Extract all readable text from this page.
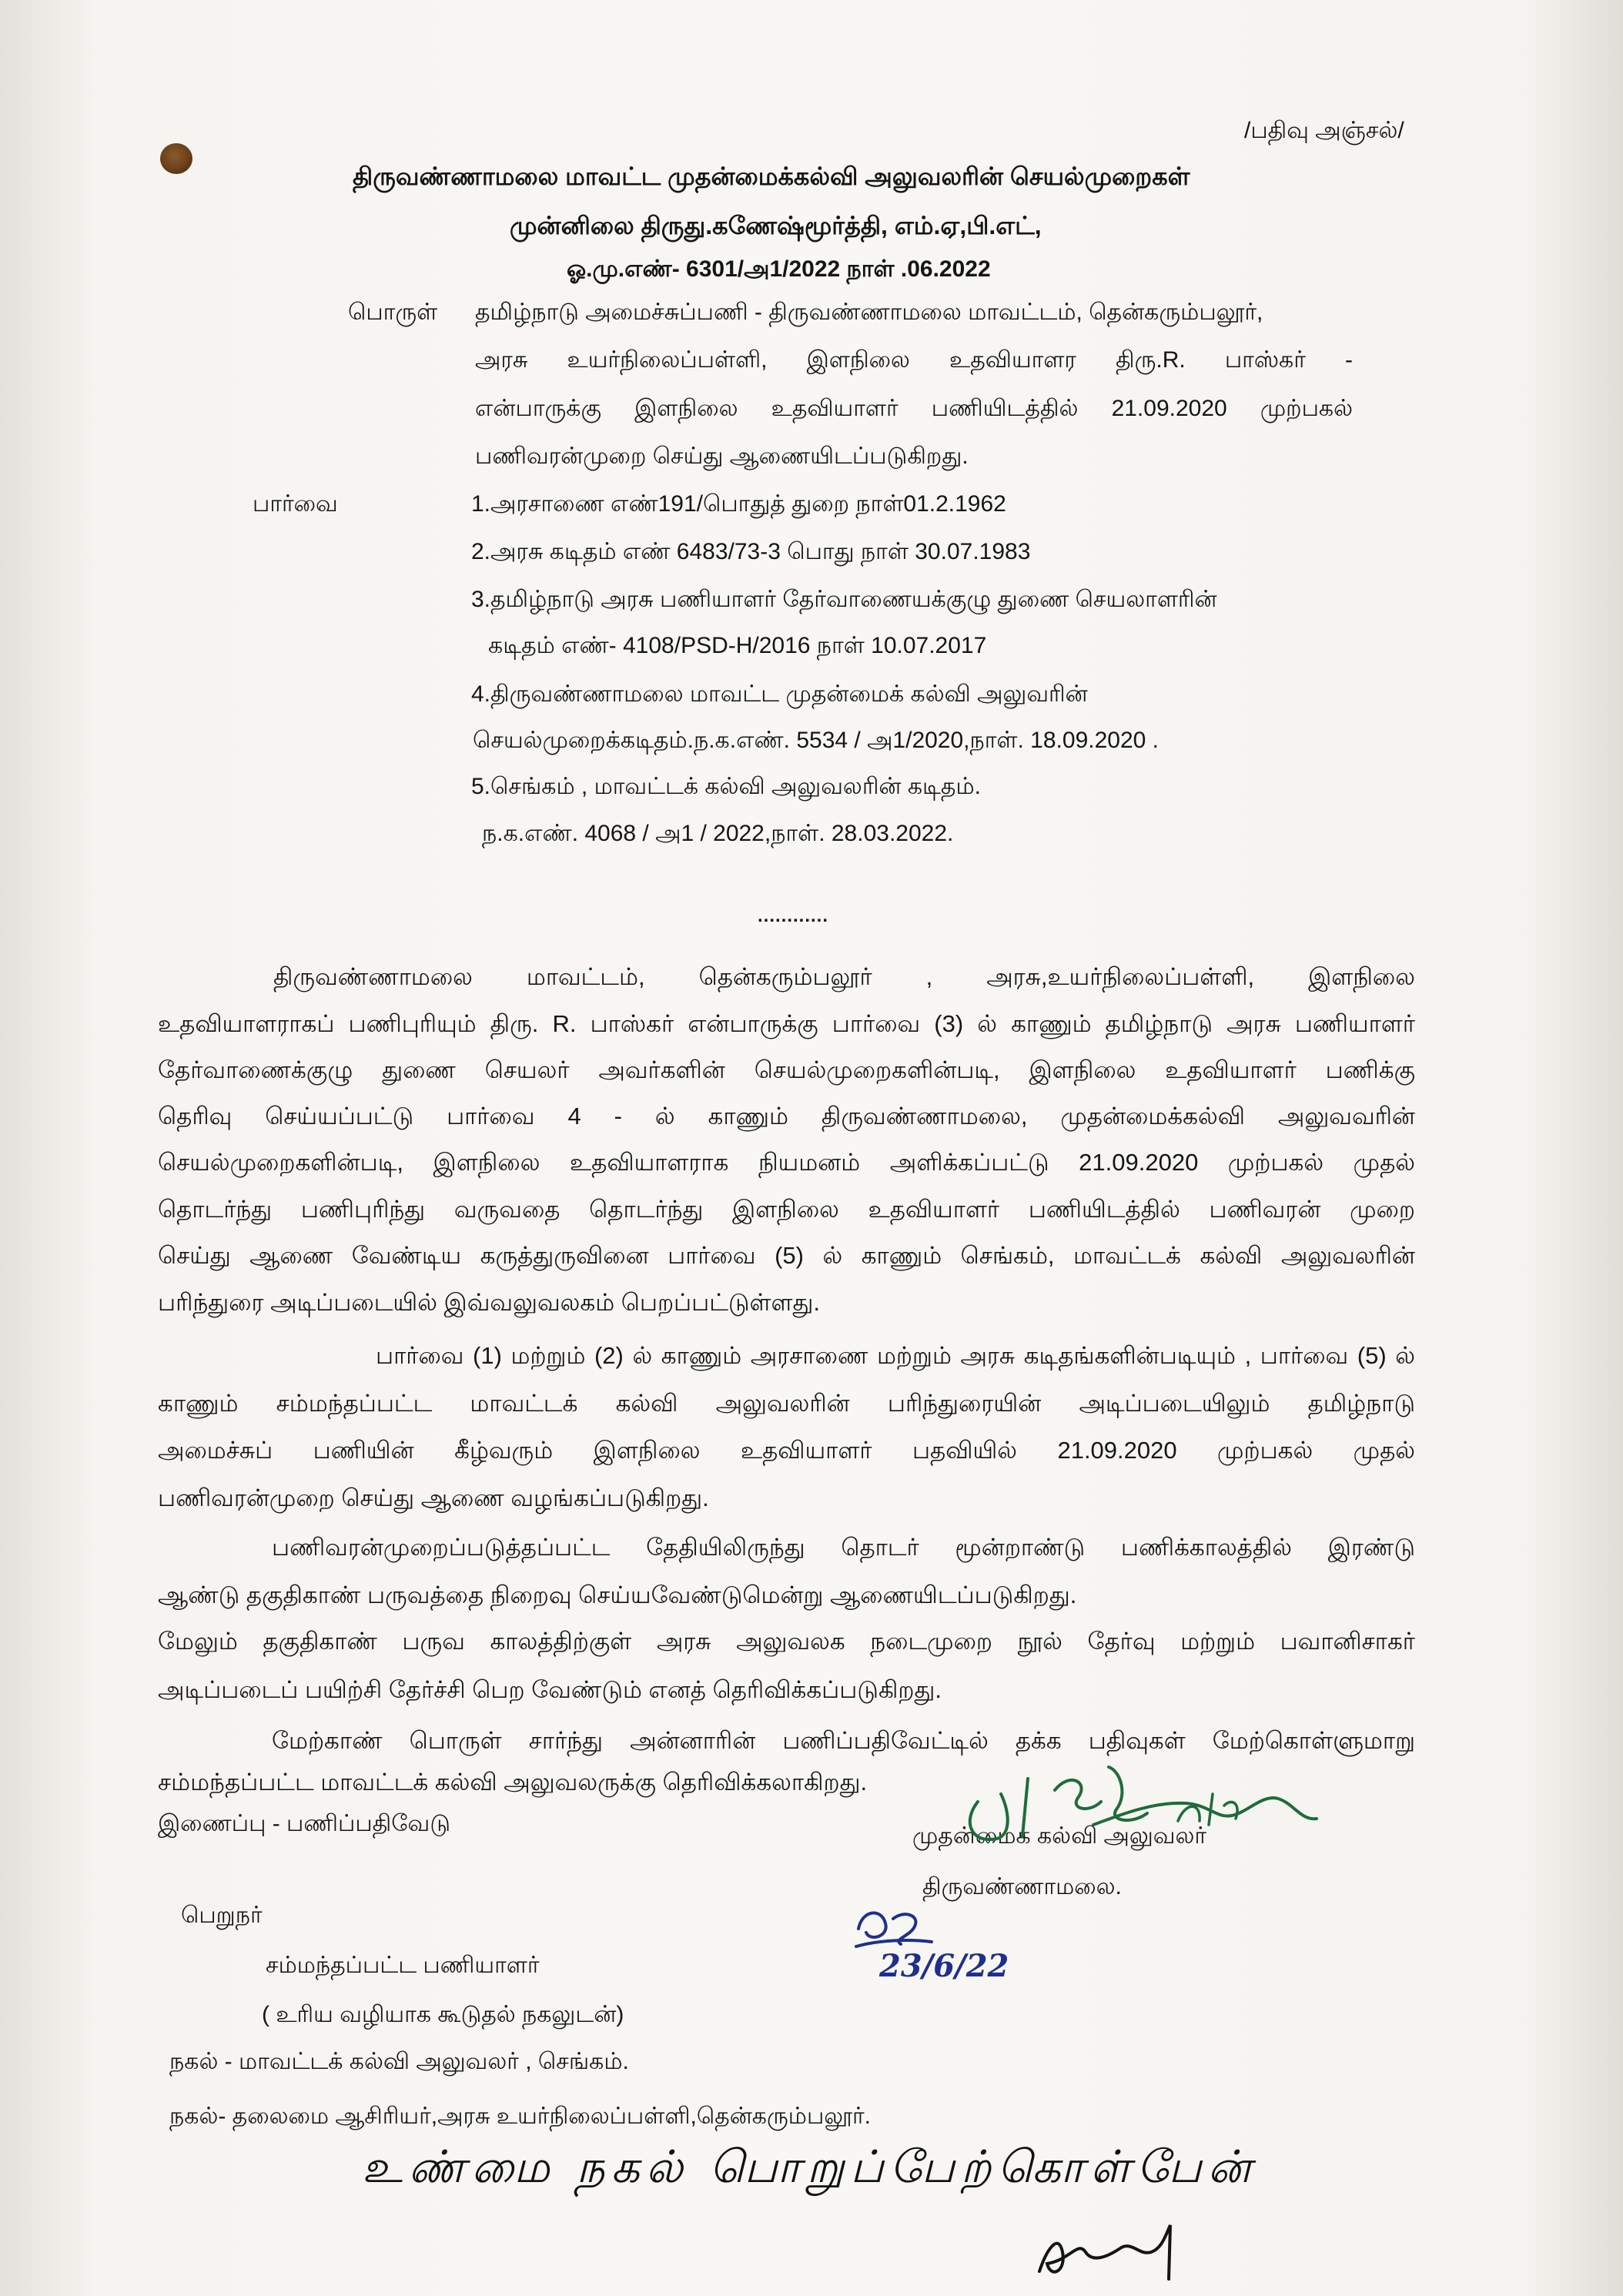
/பதிவு அஞ்சல்/
திருவண்ணாமலை மாவட்ட முதன்மைக்கல்வி அலுவலரின் செயல்முறைகள்
முன்னிலை திருது.கணேஷ்மூர்த்தி, எம்.ஏ,பி.எட்,
ஓ.மு.எண்- 6301/அ1/2022 நாள் .06.2022
பொருள் தமிழ்நாடு அமைச்சுப்பணி - திருவண்ணாமலை மாவட்டம், தென்கரும்பலூர்,
அரசு உயர்நிலைப்பள்ளி, இளநிலை உதவியாளர திரு.R. பாஸ்கர் -
என்பாருக்கு இளநிலை உதவியாளர் பணியிடத்தில் 21.09.2020 முற்பகல்
பணிவரன்முறை செய்து ஆணையிடப்படுகிறது.
பார்வை	1.அரசாணை எண்191/பொதுத் துறை நாள்01.2.1962
2.அரசு கடிதம் எண் 6483/73-3 பொது நாள் 30.07.1983
3.தமிழ்நாடு அரசு பணியாளர் தேர்வாணையக்குழு துணை செயலாளரின்
கடிதம் எண்- 4108/PSD-H/2016 நாள் 10.07.2017
4.திருவண்ணாமலை மாவட்ட முதன்மைக் கல்வி அலுவரின்
செயல்முறைக்கடிதம்.ந.க.எண். 5534 / அ1/2020,நாள். 18.09.2020 .
5.செங்கம் , மாவட்டக் கல்வி அலுவலரின் கடிதம்.
ந.க.எண். 4068 / அ1 / 2022,நாள். 28.03.2022.
............
திருவண்ணாமலை மாவட்டம், தென்கரும்பலூர் , அரசு,உயர்நிலைப்பள்ளி, இளநிலை
உதவியாளராகப் பணிபுரியும் திரு. R. பாஸ்கர் என்பாருக்கு பார்வை (3) ல் காணும் தமிழ்நாடு அரசு பணியாளர்
தேர்வாணைக்குழு துணை செயலர் அவர்களின் செயல்முறைகளின்படி, இளநிலை உதவியாளர் பணிக்கு
தெரிவு செய்யப்பட்டு பார்வை 4 - ல் காணும் திருவண்ணாமலை, முதன்மைக்கல்வி அலுவவரின்
செயல்முறைகளின்படி, இளநிலை உதவியாளராக நியமனம் அளிக்கப்பட்டு 21.09.2020 முற்பகல் முதல்
தொடர்ந்து பணிபுரிந்து வருவதை தொடர்ந்து இளநிலை உதவியாளர் பணியிடத்தில் பணிவரன் முறை
செய்து ஆணை வேண்டிய கருத்துருவினை பார்வை (5) ல் காணும் செங்கம், மாவட்டக் கல்வி அலுவலரின்
பரிந்துரை அடிப்படையில் இவ்வலுவலகம் பெறப்பட்டுள்ளது.
பார்வை (1) மற்றும் (2) ல் காணும் அரசாணை மற்றும் அரசு கடிதங்களின்படியும் , பார்வை (5) ல்
காணும் சம்மந்தப்பட்ட மாவட்டக் கல்வி அலுவலரின் பரிந்துரையின் அடிப்படையிலும் தமிழ்நாடு
அமைச்சுப் பணியின் கீழ்வரும் இளநிலை உதவியாளர் பதவியில் 21.09.2020 முற்பகல் முதல்
பணிவரன்முறை செய்து ஆணை வழங்கப்படுகிறது.
பணிவரன்முறைப்படுத்தப்பட்ட தேதியிலிருந்து தொடர் மூன்றாண்டு பணிக்காலத்தில் இரண்டு
ஆண்டு தகுதிகாண் பருவத்தை நிறைவு செய்யவேண்டுமென்று ஆணையிடப்படுகிறது.
மேலும் தகுதிகாண் பருவ காலத்திற்குள் அரசு அலுவலக நடைமுறை நூல் தேர்வு மற்றும் பவானிசாகர்
அடிப்படைப் பயிற்சி தேர்ச்சி பெற வேண்டும் எனத் தெரிவிக்கப்படுகிறது.
மேற்காண் பொருள் சார்ந்து அன்னாரின் பணிப்பதிவேட்டில் தக்க பதிவுகள் மேற்கொள்ளுமாறு
சம்மந்தப்பட்ட மாவட்டக் கல்வி அலுவலருக்கு தெரிவிக்கலாகிறது.
இணைப்பு - பணிப்பதிவேடு	முதன்மைக் கல்வி அலுவலர்
திருவண்ணாமலை.
23/6/22
பெறுநர்
சம்மந்தப்பட்ட பணியாளர்
( உரிய வழியாக கூடுதல் நகலுடன்)
நகல் - மாவட்டக் கல்வி அலுவலர் , செங்கம்.
நகல்- தலைமை ஆசிரியர்,அரசு உயர்நிலைப்பள்ளி,தென்கரும்பலூர்.
உண்மை நகல் பொறுப்பேற்கொள்பேன்
